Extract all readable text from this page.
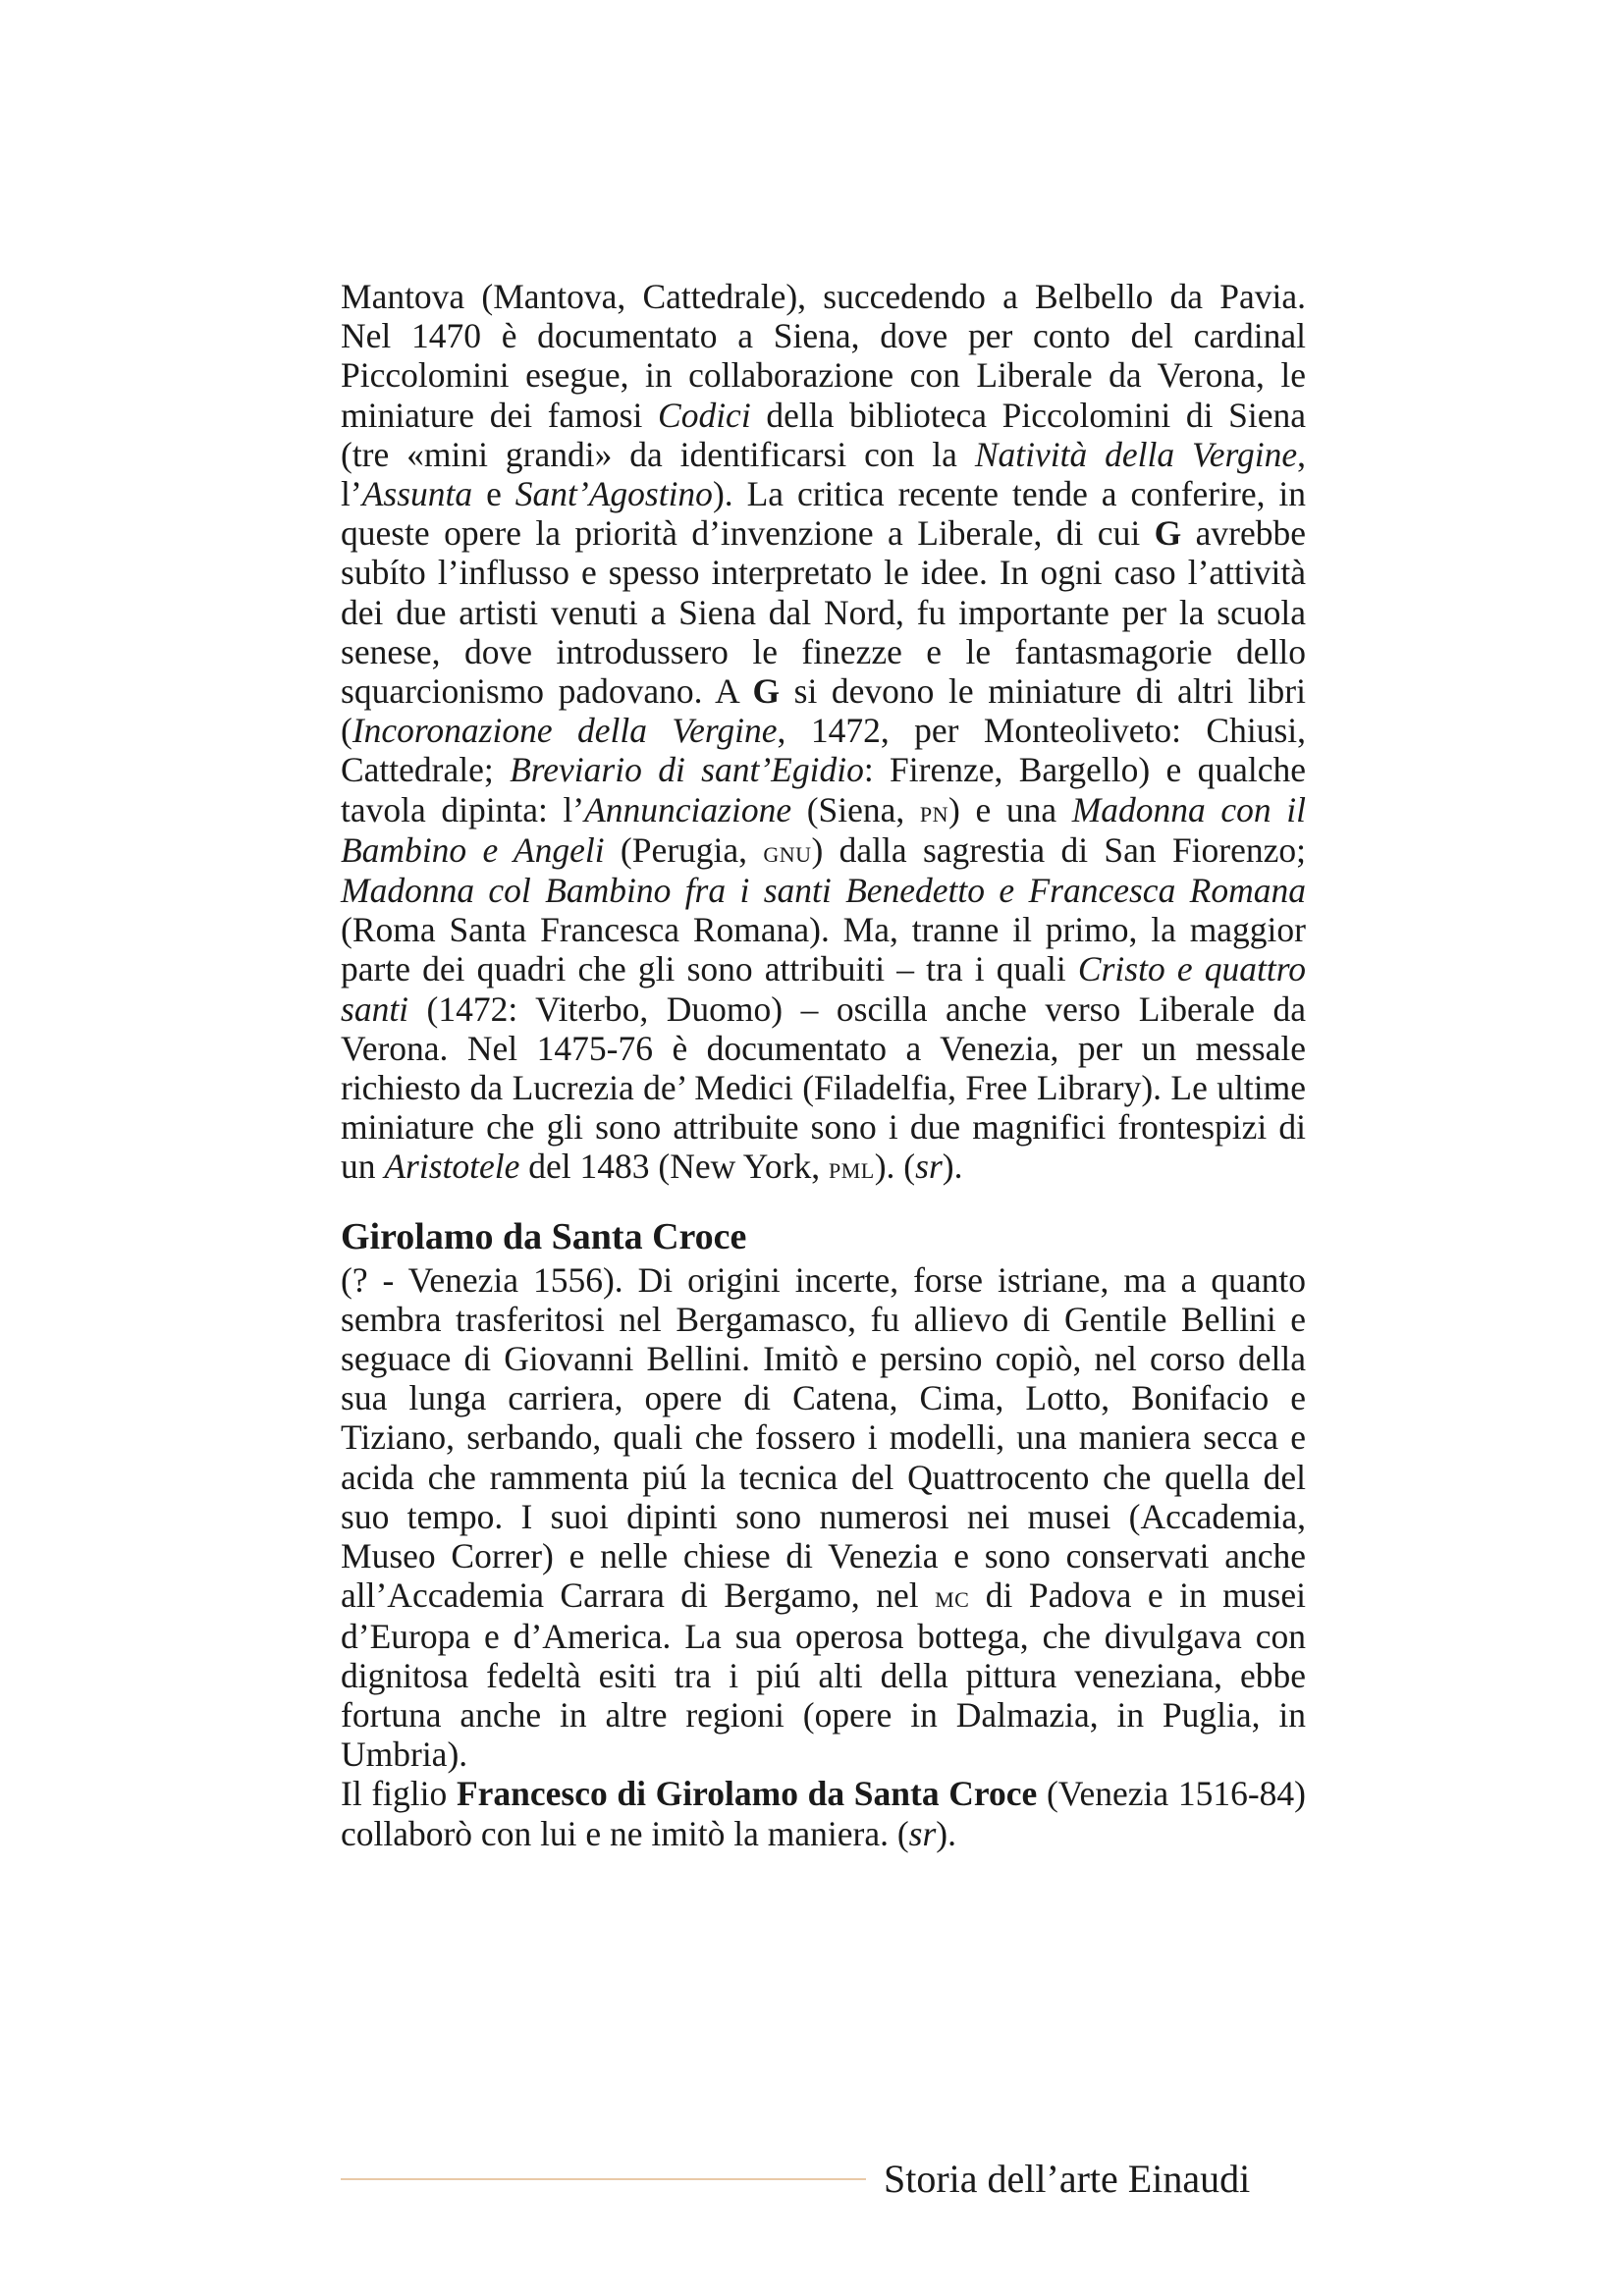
Mantova (Mantova, Cattedrale), succedendo a Belbello da Pavia. Nel 1470 è documentato a Siena, dove per conto del cardinal Piccolomini esegue, in collaborazione con Liberale da Verona, le miniature dei famosi Codici della biblioteca Piccolomini di Siena (tre «mini grandi» da identificarsi con la Natività della Vergine, l’Assunta e Sant’Agostino). La critica recente tende a conferire, in queste opere la priorità d’invenzione a Liberale, di cui G avrebbe subíto l’influsso e spesso interpretato le idee. In ogni caso l’attività dei due artisti venuti a Siena dal Nord, fu importante per la scuola senese, dove introdussero le finezze e le fantasmagorie dello squarcionismo padovano. A G si devono le miniature di altri libri (Incoronazione della Vergine, 1472, per Monteoliveto: Chiusi, Cattedrale; Breviario di sant’Egidio: Firenze, Bargello) e qualche tavola dipinta: l’Annunciazione (Siena, pn) e una Madonna con il Bambino e Angeli (Perugia, gnu) dalla sagrestia di San Fiorenzo; Madonna col Bambino fra i santi Benedetto e Francesca Romana (Roma Santa Francesca Romana). Ma, tranne il primo, la maggior parte dei quadri che gli sono attribuiti – tra i quali Cristo e quattro santi (1472: Viterbo, Duomo) – oscilla anche verso Liberale da Verona. Nel 1475-76 è documentato a Venezia, per un messale richiesto da Lucrezia de’ Medici (Filadelfia, Free Library). Le ultime miniature che gli sono attribuite sono i due magnifici frontespizi di un Aristotele del 1483 (New York, pml). (sr).

Girolamo da Santa Croce

(? - Venezia 1556). Di origini incerte, forse istriane, ma a quanto sembra trasferitosi nel Bergamasco, fu allievo di Gentile Bellini e seguace di Giovanni Bellini. Imitò e persino copiò, nel corso della sua lunga carriera, opere di Catena, Cima, Lotto, Bonifacio e Tiziano, serbando, quali che fossero i modelli, una maniera secca e acida che rammenta piú la tecnica del Quattrocento che quella del suo tempo. I suoi dipinti sono numerosi nei musei (Accademia, Museo Correr) e nelle chiese di Venezia e sono conservati anche all’Accademia Carrara di Bergamo, nel mc di Padova e in musei d’Europa e d’America. La sua operosa bottega, che divulgava con dignitosa fedeltà esiti tra i piú alti della pittura veneziana, ebbe fortuna anche in altre regioni (opere in Dalmazia, in Puglia, in Umbria).

Il figlio Francesco di Girolamo da Santa Croce (Venezia 1516-84) collaborò con lui e ne imitò la maniera. (sr).

Storia dell’arte Einaudi
